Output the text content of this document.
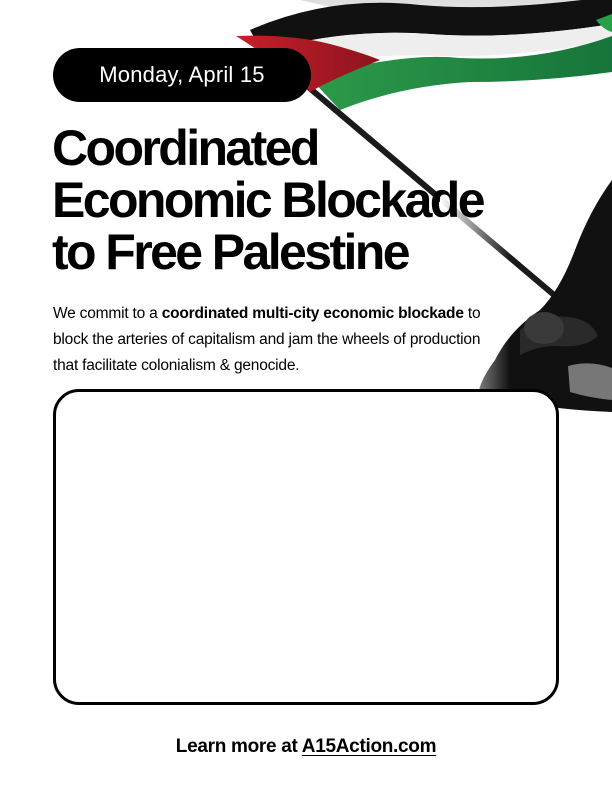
Monday, April 15
Coordinated
Economic Blockade
to Free Palestine

We commit to a coordinated multi-city economic blockade to block the arteries of capitalism and jam the wheels of production that facilitate colonialism & genocide.

Learn more at A15Action.com
